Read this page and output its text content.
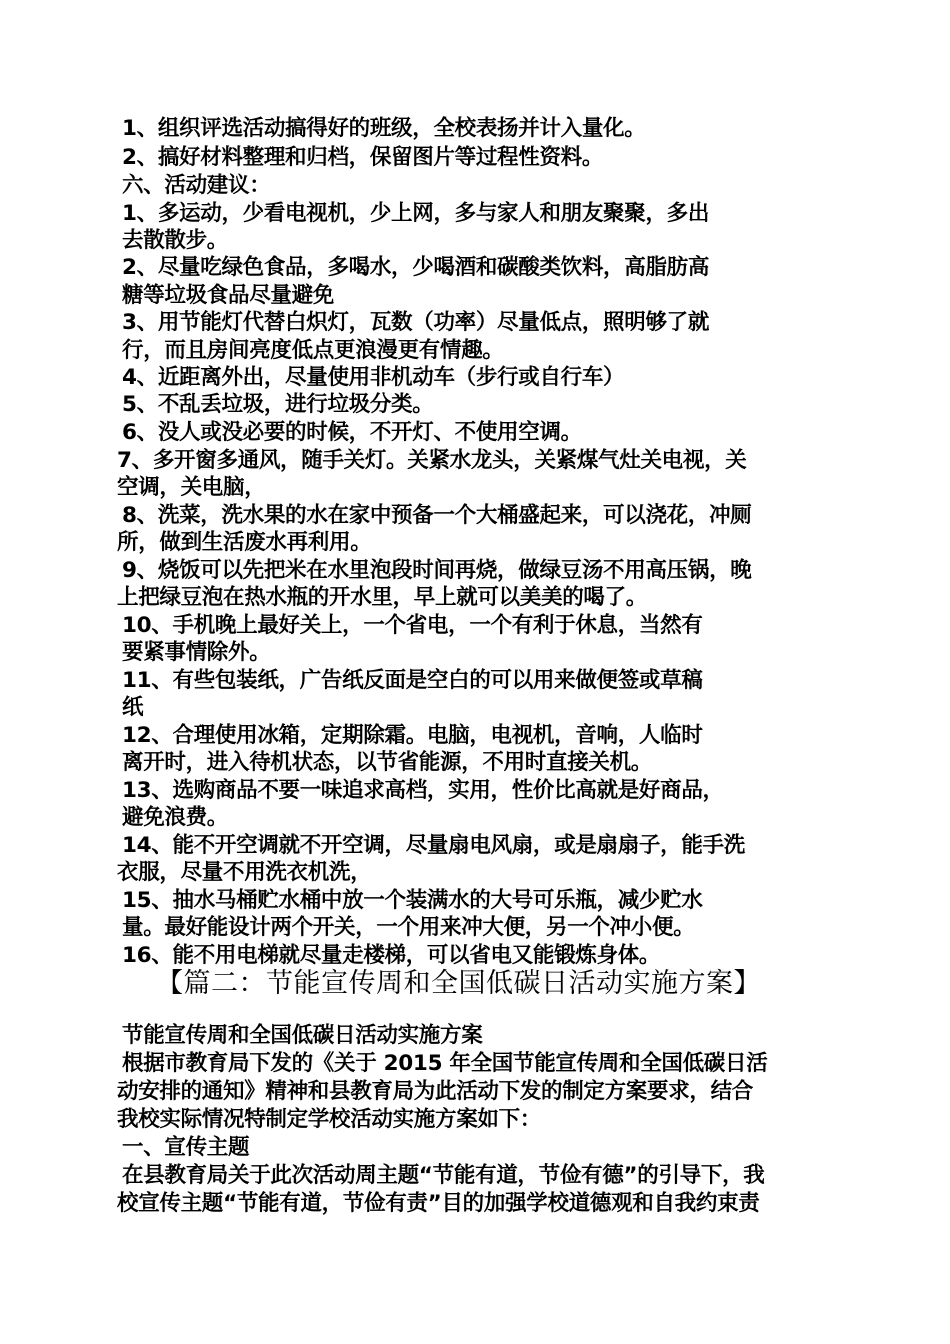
1、组织评选活动搞得好的班级，全校表扬并计入量化。
2、搞好材料整理和归档，保留图片等过程性资料。
六、活动建议：
1、多运动，少看电视机，少上网，多与家人和朋友聚聚，多出
去散散步。
2、尽量吃绿色食品，多喝水，少喝酒和碳酸类饮料，高脂肪高
糖等垃圾食品尽量避免
3、用节能灯代替白炽灯，瓦数（功率）尽量低点，照明够了就
行，而且房间亮度低点更浪漫更有情趣。
4、近距离外出，尽量使用非机动车（步行或自行车）
5、不乱丢垃圾，进行垃圾分类。
6、没人或没必要的时候，不开灯、不使用空调。
7、多开窗多通风，随手关灯。关紧水龙头，关紧煤气灶关电视，关
空调，关电脑，
8、洗菜，洗水果的水在家中预备一个大桶盛起来，可以浇花，冲厕
所，做到生活废水再利用。
9、烧饭可以先把米在水里泡段时间再烧，做绿豆汤不用高压锅，晚
上把绿豆泡在热水瓶的开水里，早上就可以美美的喝了。
10、手机晚上最好关上，一个省电，一个有利于休息，当然有
要紧事情除外。
11、有些包装纸，广告纸反面是空白的可以用来做便签或草稿
纸
12、合理使用冰箱，定期除霜。电脑，电视机，音响，人临时
离开时，进入待机状态，以节省能源，不用时直接关机。
13、选购商品不要一味追求高档，实用，性价比高就是好商品，
避免浪费。
14、能不开空调就不开空调，尽量扇电风扇，或是扇扇子，能手洗
衣服，尽量不用洗衣机洗，
15、抽水马桶贮水桶中放一个装满水的大号可乐瓶，减少贮水
量。最好能设计两个开关，一个用来冲大便，另一个冲小便。
16、能不用电梯就尽量走楼梯，可以省电又能锻炼身体。
【篇二：节能宣传周和全国低碳日活动实施方案】
节能宣传周和全国低碳日活动实施方案
根据市教育局下发的《关于 2015 年全国节能宣传周和全国低碳日活
动安排的通知》精神和县教育局为此活动下发的制定方案要求，结合
我校实际情况特制定学校活动实施方案如下：
一、宣传主题
在县教育局关于此次活动周主题“节能有道，节俭有德”的引导下，我
校宣传主题“节能有道，节俭有责”目的加强学校道德观和自我约束责
